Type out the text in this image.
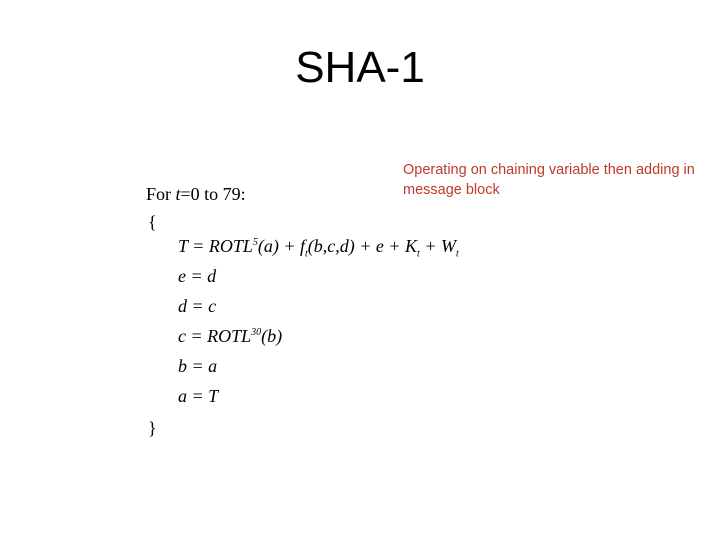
SHA-1
Operating on chaining variable then adding in message block
For t=0 to 79:
{
$T = ROTL^5(a) + f_t(b,c,d) + e + K_t + W_t$
e = d
d = c
$c = ROTL^{30}(b)$
b = a
a = T
}
